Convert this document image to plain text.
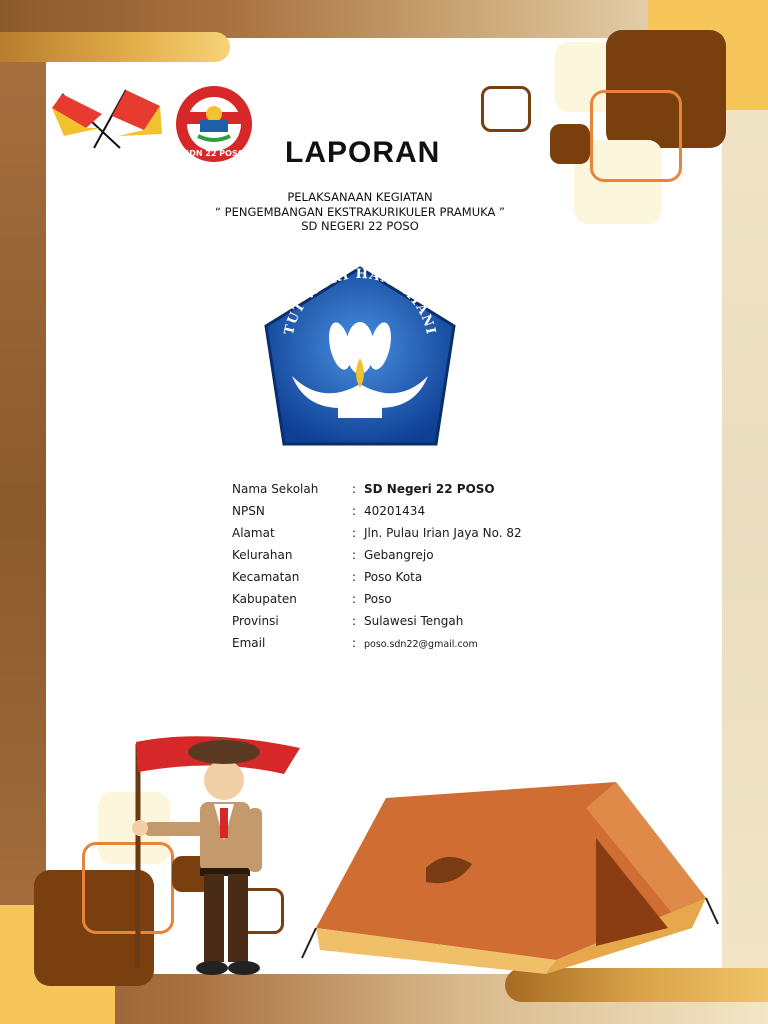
SDN 22 POSO LAPORAN
PELAKSANAAN KEGIATAN
“ PENGEMBANGAN EKSTRAKURIKULER PRAMUKA ”
SD NEGERI 22 POSO
TUT WURI HANDAYANI
Nama Sekolah	: SD Negeri 22 POSO
NPSN	: 40201434
Alamat	: Jln. Pulau Irian Jaya No. 82
Kelurahan	: Gebangrejo
Kecamatan	: Poso Kota
Kabupaten	: Poso
Provinsi	: Sulawesi Tengah
Email	: poso.sdn22@gmail.com
